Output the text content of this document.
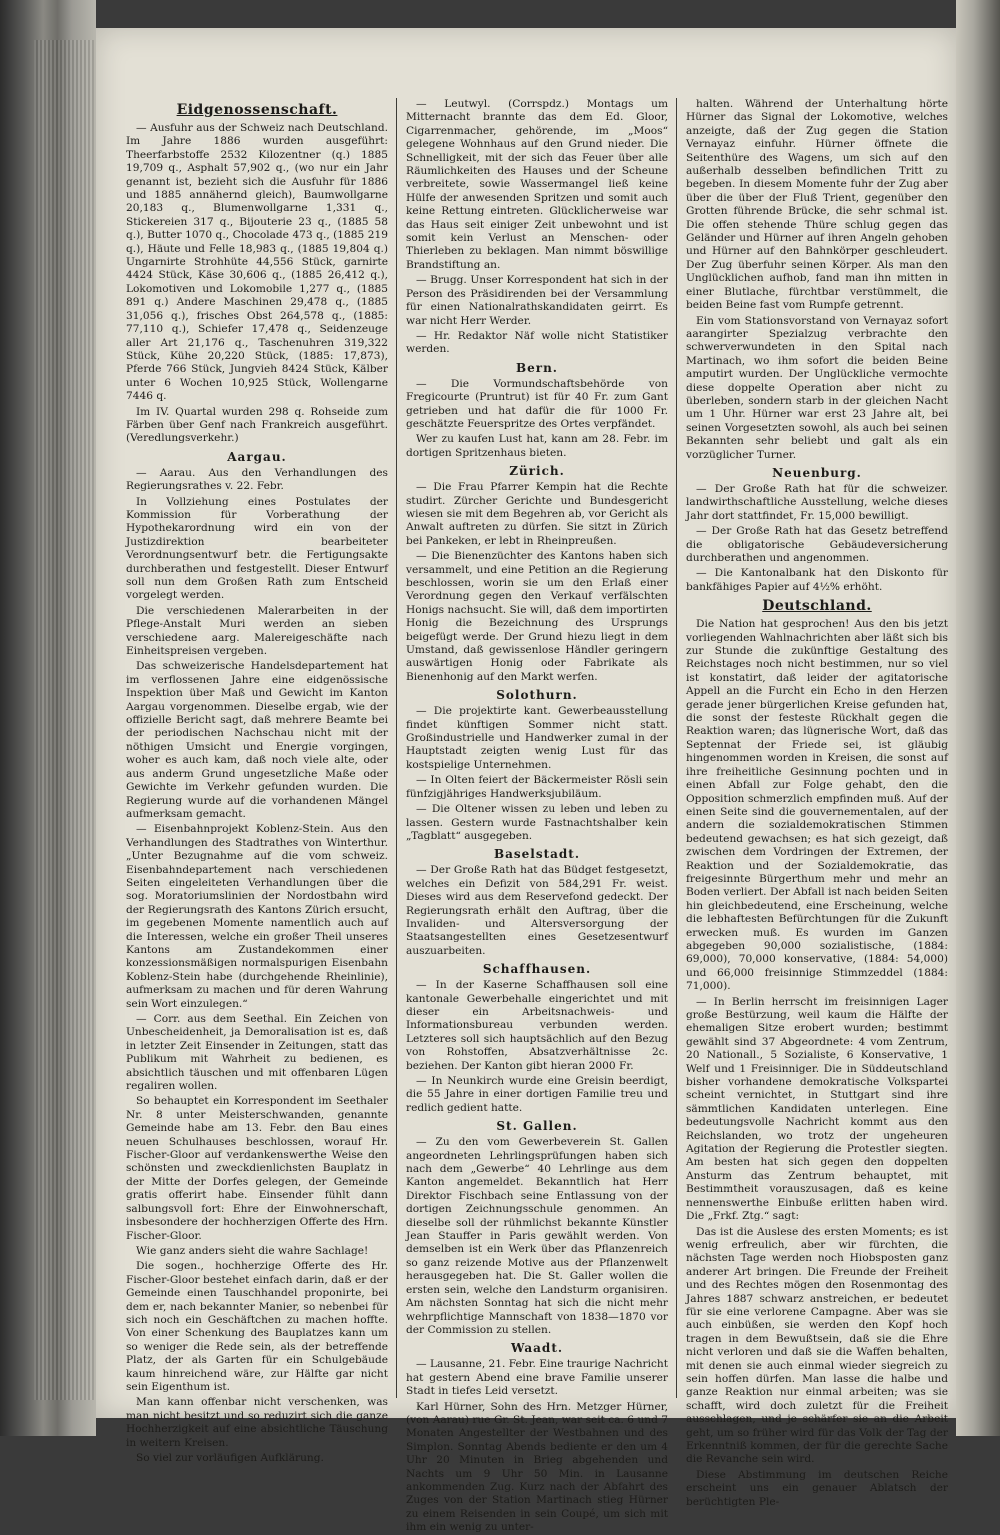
Eidgenossenschaft.

— Ausfuhr aus der Schweiz nach Deutschland. Im Jahre 1886 wurden ausgeführt: Theerfarbstoffe 2532 Kilozentner (q.) 1885 19,709 q., Asphalt 57,902 q., (wo nur ein Jahr genannt ist, bezieht sich die Ausfuhr für 1886 und 1885 annähernd gleich), Baumwollgarne 20,183 q., Blumenwollgarne 1,331 q., Stickereien 317 q., Bijouterie 23 q., (1885 58 q.), Butter 1070 q., Chocolade 473 q., (1885 219 q.), Häute und Felle 18,983 q., (1885 19,804 q.) Ungarnirte Strohhüte 44,556 Stück, garnirte 4424 Stück, Käse 30,606 q., (1885 26,412 q.), Lokomotiven und Lokomobile 1,277 q., (1885 891 q.) Andere Maschinen 29,478 q., (1885 31,056 q.), frisches Obst 264,578 q., (1885: 77,110 q.), Schiefer 17,478 q., Seidenzeuge aller Art 21,176 q., Taschenuhren 319,322 Stück, Kühe 20,220 Stück, (1885: 17,873), Pferde 766 Stück, Jungvieh 8424 Stück, Kälber unter 6 Wochen 10,925 Stück, Wollengarne 7446 q.

Im IV. Quartal wurden 298 q. Rohseide zum Färben über Genf nach Frankreich ausgeführt. (Veredlungsverkehr.)

Aargau.

— Aarau. Aus den Verhandlungen des Regierungsrathes v. 22. Febr.

In Vollziehung eines Postulates der Kommission für Vorberathung der Hypothekarordnung wird ein von der Justizdirektion bearbeiteter Verordnungsentwurf betr. die Fertigungsakte durchberathen und festgestellt. Dieser Entwurf soll nun dem Großen Rath zum Entscheid vorgelegt werden.

Die verschiedenen Malerarbeiten in der Pflege-Anstalt Muri werden an sieben verschiedene aarg. Malereigeschäfte nach Einheitspreisen vergeben.

Das schweizerische Handelsdepartement hat im verflossenen Jahre eine eidgenössische Inspektion über Maß und Gewicht im Kanton Aargau vorgenommen. Dieselbe ergab, wie der offizielle Bericht sagt, daß mehrere Beamte bei der periodischen Nachschau nicht mit der nöthigen Umsicht und Energie vorgingen, woher es auch kam, daß noch viele alte, oder aus anderm Grund ungesetzliche Maße oder Gewichte im Verkehr gefunden wurden. Die Regierung wurde auf die vorhandenen Mängel aufmerksam gemacht.

— Eisenbahnprojekt Koblenz-Stein. Aus den Verhandlungen des Stadtrathes von Winterthur. „Unter Bezugnahme auf die vom schweiz. Eisenbahndepartement nach verschiedenen Seiten eingeleiteten Verhandlungen über die sog. Moratoriumslinien der Nordostbahn wird der Regierungsrath des Kantons Zürich ersucht, im gegebenen Momente namentlich auch auf die Interessen, welche ein großer Theil unseres Kantons am Zustandekommen einer konzessionsmäßigen normalspurigen Eisenbahn Koblenz-Stein habe (durchgehende Rheinlinie), aufmerksam zu machen und für deren Wahrung sein Wort einzulegen.“

— Corr. aus dem Seethal. Ein Zeichen von Unbescheidenheit, ja Demoralisation ist es, daß in letzter Zeit Einsender in Zeitungen, statt das Publikum mit Wahrheit zu bedienen, es absichtlich täuschen und mit offenbaren Lügen regaliren wollen.

So behauptet ein Korrespondent im Seethaler Nr. 8 unter Meisterschwanden, genannte Gemeinde habe am 13. Febr. den Bau eines neuen Schulhauses beschlossen, worauf Hr. Fischer-Gloor auf verdankenswerthe Weise den schönsten und zweckdienlichsten Bauplatz in der Mitte der Dorfes gelegen, der Gemeinde gratis offerirt habe. Einsender fühlt dann salbungsvoll fort: Ehre der Einwohnerschaft, insbesondere der hochherzigen Offerte des Hrn. Fischer-Gloor.

Wie ganz anders sieht die wahre Sachlage!

Die sogen., hochherzige Offerte des Hr. Fischer-Gloor bestehet einfach darin, daß er der Gemeinde einen Tauschhandel proponirte, bei dem er, nach bekannter Manier, so nebenbei für sich noch ein Geschäftchen zu machen hoffte. Von einer Schenkung des Bauplatzes kann um so weniger die Rede sein, als der betreffende Platz, der als Garten für ein Schulgebäude kaum hinreichend wäre, zur Hälfte gar nicht sein Eigenthum ist.

Man kann offenbar nicht verschenken, was man nicht besitzt und so reduzirt sich die ganze Hochherzigkeit auf eine absichtliche Täuschung in weitern Kreisen.

So viel zur vorläufigen Aufklärung.

— Leutwyl. (Corrspdz.) Montags um Mitternacht brannte das dem Ed. Gloor, Cigarrenmacher, gehörende, im „Moos“ gelegene Wohnhaus auf den Grund nieder. Die Schnelligkeit, mit der sich das Feuer über alle Räumlichkeiten des Hauses und der Scheune verbreitete, sowie Wassermangel ließ keine Hülfe der anwesenden Spritzen und somit auch keine Rettung eintreten. Glücklicherweise war das Haus seit einiger Zeit unbewohnt und ist somit kein Verlust an Menschen- oder Thierleben zu beklagen. Man nimmt böswillige Brandstiftung an.

— Brugg. Unser Korrespondent hat sich in der Person des Präsidirenden bei der Versammlung für einen Nationalrathskandidaten geirrt. Es war nicht Herr Werder.

— Hr. Redaktor Näf wolle nicht Statistiker werden.

Bern.

— Die Vormundschaftsbehörde von Fregicourte (Pruntrut) ist für 40 Fr. zum Gant getrieben und hat dafür die für 1000 Fr. geschätzte Feuerspritze des Ortes verpfändet.

Wer zu kaufen Lust hat, kann am 28. Febr. im dortigen Spritzenhaus bieten.

Zürich.

— Die Frau Pfarrer Kempin hat die Rechte studirt. Zürcher Gerichte und Bundesgericht wiesen sie mit dem Begehren ab, vor Gericht als Anwalt auftreten zu dürfen. Sie sitzt in Zürich bei Pankeken, er lebt in Rheinpreußen.

— Die Bienenzüchter des Kantons haben sich versammelt, und eine Petition an die Regierung beschlossen, worin sie um den Erlaß einer Verordnung gegen den Verkauf verfälschten Honigs nachsucht. Sie will, daß dem importirten Honig die Bezeichnung des Ursprungs beigefügt werde. Der Grund hiezu liegt in dem Umstand, daß gewissenlose Händler geringern auswärtigen Honig oder Fabrikate als Bienenhonig auf den Markt werfen.

Solothurn.

— Die projektirte kant. Gewerbeausstellung findet künftigen Sommer nicht statt. Großindustrielle und Handwerker zumal in der Hauptstadt zeigten wenig Lust für das kostspielige Unternehmen.

— In Olten feiert der Bäckermeister Rösli sein fünfzigjähriges Handwerksjubiläum.

— Die Oltener wissen zu leben und leben zu lassen. Gestern wurde Fastnachtshalber kein „Tagblatt“ ausgegeben.

Baselstadt.

— Der Große Rath hat das Büdget festgesetzt, welches ein Defizit von 584,291 Fr. weist. Dieses wird aus dem Reservefond gedeckt. Der Regierungsrath erhält den Auftrag, über die Invaliden- und Altersversorgung der Staatsangestellten eines Gesetzesentwurf auszuarbeiten.

Schaffhausen.

— In der Kaserne Schaffhausen soll eine kantonale Gewerbehalle eingerichtet und mit dieser ein Arbeitsnachweis- und Informationsbureau verbunden werden. Letzteres soll sich hauptsächlich auf den Bezug von Rohstoffen, Absatzverhältnisse 2c. beziehen. Der Kanton gibt hieran 2000 Fr.

— In Neunkirch wurde eine Greisin beerdigt, die 55 Jahre in einer dortigen Familie treu und redlich gedient hatte.

St. Gallen.

— Zu den vom Gewerbeverein St. Gallen angeordneten Lehrlingsprüfungen haben sich nach dem „Gewerbe“ 40 Lehrlinge aus dem Kanton angemeldet. Bekanntlich hat Herr Direktor Fischbach seine Entlassung von der dortigen Zeichnungsschule genommen. An dieselbe soll der rühmlichst bekannte Künstler Jean Stauffer in Paris gewählt werden. Von demselben ist ein Werk über das Pflanzenreich so ganz reizende Motive aus der Pflanzenwelt herausgegeben hat. Die St. Galler wollen die ersten sein, welche den Landsturm organisiren. Am nächsten Sonntag hat sich die nicht mehr wehrpflichtige Mannschaft von 1838—1870 vor der Commission zu stellen.

Waadt.

— Lausanne, 21. Febr. Eine traurige Nachricht hat gestern Abend eine brave Familie unserer Stadt in tiefes Leid versetzt.

Karl Hürner, Sohn des Hrn. Metzger Hürner, (von Aarau) rue Gr. St. Jean, war seit ca. 6 und 7 Monaten Angestellter der Westbahnen und des Simplon. Sonntag Abends bediente er den um 4 Uhr 20 Minuten in Brieg abgehenden und Nachts um 9 Uhr 50 Min. in Lausanne ankommenden Zug. Kurz nach der Abfahrt des Zuges von der Station Martinach stieg Hürner zu einem Reisenden in sein Coupé, um sich mit ihm ein wenig zu unter-

halten. Während der Unterhaltung hörte Hürner das Signal der Lokomotive, welches anzeigte, daß der Zug gegen die Station Vernayaz einfuhr. Hürner öffnete die Seitenthüre des Wagens, um sich auf den außerhalb desselben befindlichen Tritt zu begeben. In diesem Momente fuhr der Zug aber über die über der Fluß Trient, gegenüber den Grotten führende Brücke, die sehr schmal ist. Die offen stehende Thüre schlug gegen das Geländer und Hürner auf ihren Angeln gehoben und Hürner auf den Bahnkörper geschleudert. Der Zug überfuhr seinen Körper. Als man den Unglücklichen aufhob, fand man ihn mitten in einer Blutlache, fürchtbar verstümmelt, die beiden Beine fast vom Rumpfe getrennt.

Ein vom Stationsvorstand von Vernayaz sofort aarangirter Spezialzug verbrachte den schwerverwundeten in den Spital nach Martinach, wo ihm sofort die beiden Beine amputirt wurden. Der Unglückliche vermochte diese doppelte Operation aber nicht zu überleben, sondern starb in der gleichen Nacht um 1 Uhr. Hürner war erst 23 Jahre alt, bei seinen Vorgesetzten sowohl, als auch bei seinen Bekannten sehr beliebt und galt als ein vorzüglicher Turner.

Neuenburg.

— Der Große Rath hat für die schweizer. landwirthschaftliche Ausstellung, welche dieses Jahr dort stattfindet, Fr. 15,000 bewilligt.

— Der Große Rath hat das Gesetz betreffend die obligatorische Gebäudeversicherung durchberathen und angenommen.

— Die Kantonalbank hat den Diskonto für bankfähiges Papier auf 4½% erhöht.

Deutschland.

Die Nation hat gesprochen! Aus den bis jetzt vorliegenden Wahlnachrichten aber läßt sich bis zur Stunde die zukünftige Gestaltung des Reichstages noch nicht bestimmen, nur so viel ist konstatirt, daß leider der agitatorische Appell an die Furcht ein Echo in den Herzen gerade jener bürgerlichen Kreise gefunden hat, die sonst der festeste Rückhalt gegen die Reaktion waren; das lügnerische Wort, daß das Septennat der Friede sei, ist gläubig hingenommen worden in Kreisen, die sonst auf ihre freiheitliche Gesinnung pochten und in einen Abfall zur Folge gehabt, den die Opposition schmerzlich empfinden muß. Auf der einen Seite sind die gouvernementalen, auf der andern die sozialdemokratischen Stimmen bedeutend gewachsen; es hat sich gezeigt, daß zwischen dem Vordringen der Extremen, der Reaktion und der Sozialdemokratie, das freigesinnte Bürgerthum mehr und mehr an Boden verliert. Der Abfall ist nach beiden Seiten hin gleichbedeutend, eine Erscheinung, welche die lebhaftesten Befürchtungen für die Zukunft erwecken muß. Es wurden im Ganzen abgegeben 90,000 sozialistische, (1884: 69,000), 70,000 konservative, (1884: 54,000) und 66,000 freisinnige Stimmzeddel (1884: 71,000).

— In Berlin herrscht im freisinnigen Lager große Bestürzung, weil kaum die Hälfte der ehemaligen Sitze erobert wurden; bestimmt gewählt sind 37 Abgeordnete: 4 vom Zentrum, 20 Nationall., 5 Sozialiste, 6 Konservative, 1 Welf und 1 Freisinniger. Die in Süddeutschland bisher vorhandene demokratische Volkspartei scheint vernichtet, in Stuttgart sind ihre sämmtlichen Kandidaten unterlegen. Eine bedeutungsvolle Nachricht kommt aus den Reichslanden, wo trotz der ungeheuren Agitation der Regierung die Protestler siegten. Am besten hat sich gegen den doppelten Ansturm das Zentrum behauptet, mit Bestimmtheit vorauszusagen, daß es keine nennenswerthe Einbuße erlitten haben wird. Die „Frkf. Ztg.“ sagt:

Das ist die Auslese des ersten Moments; es ist wenig erfreulich, aber wir fürchten, die nächsten Tage werden noch Hiobsposten ganz anderer Art bringen. Die Freunde der Freiheit und des Rechtes mögen den Rosenmontag des Jahres 1887 schwarz anstreichen, er bedeutet für sie eine verlorene Campagne. Aber was sie auch einbüßen, sie werden den Kopf hoch tragen in dem Bewußtsein, daß sie die Ehre nicht verloren und daß sie die Waffen behalten, mit denen sie auch einmal wieder siegreich zu sein hoffen dürfen. Man lasse die halbe und ganze Reaktion nur einmal arbeiten; was sie schafft, wird doch zuletzt für die Freiheit ausschlagen, und je schärfer sie an die Arbeit geht, um so früher wird für das Volk der Tag der Erkenntniß kommen, der für die gerechte Sache die Revanche sein wird.

Diese Abstimmung im deutschen Reiche erscheint uns ein genauer Ablatsch der berüchtigten Ple-
